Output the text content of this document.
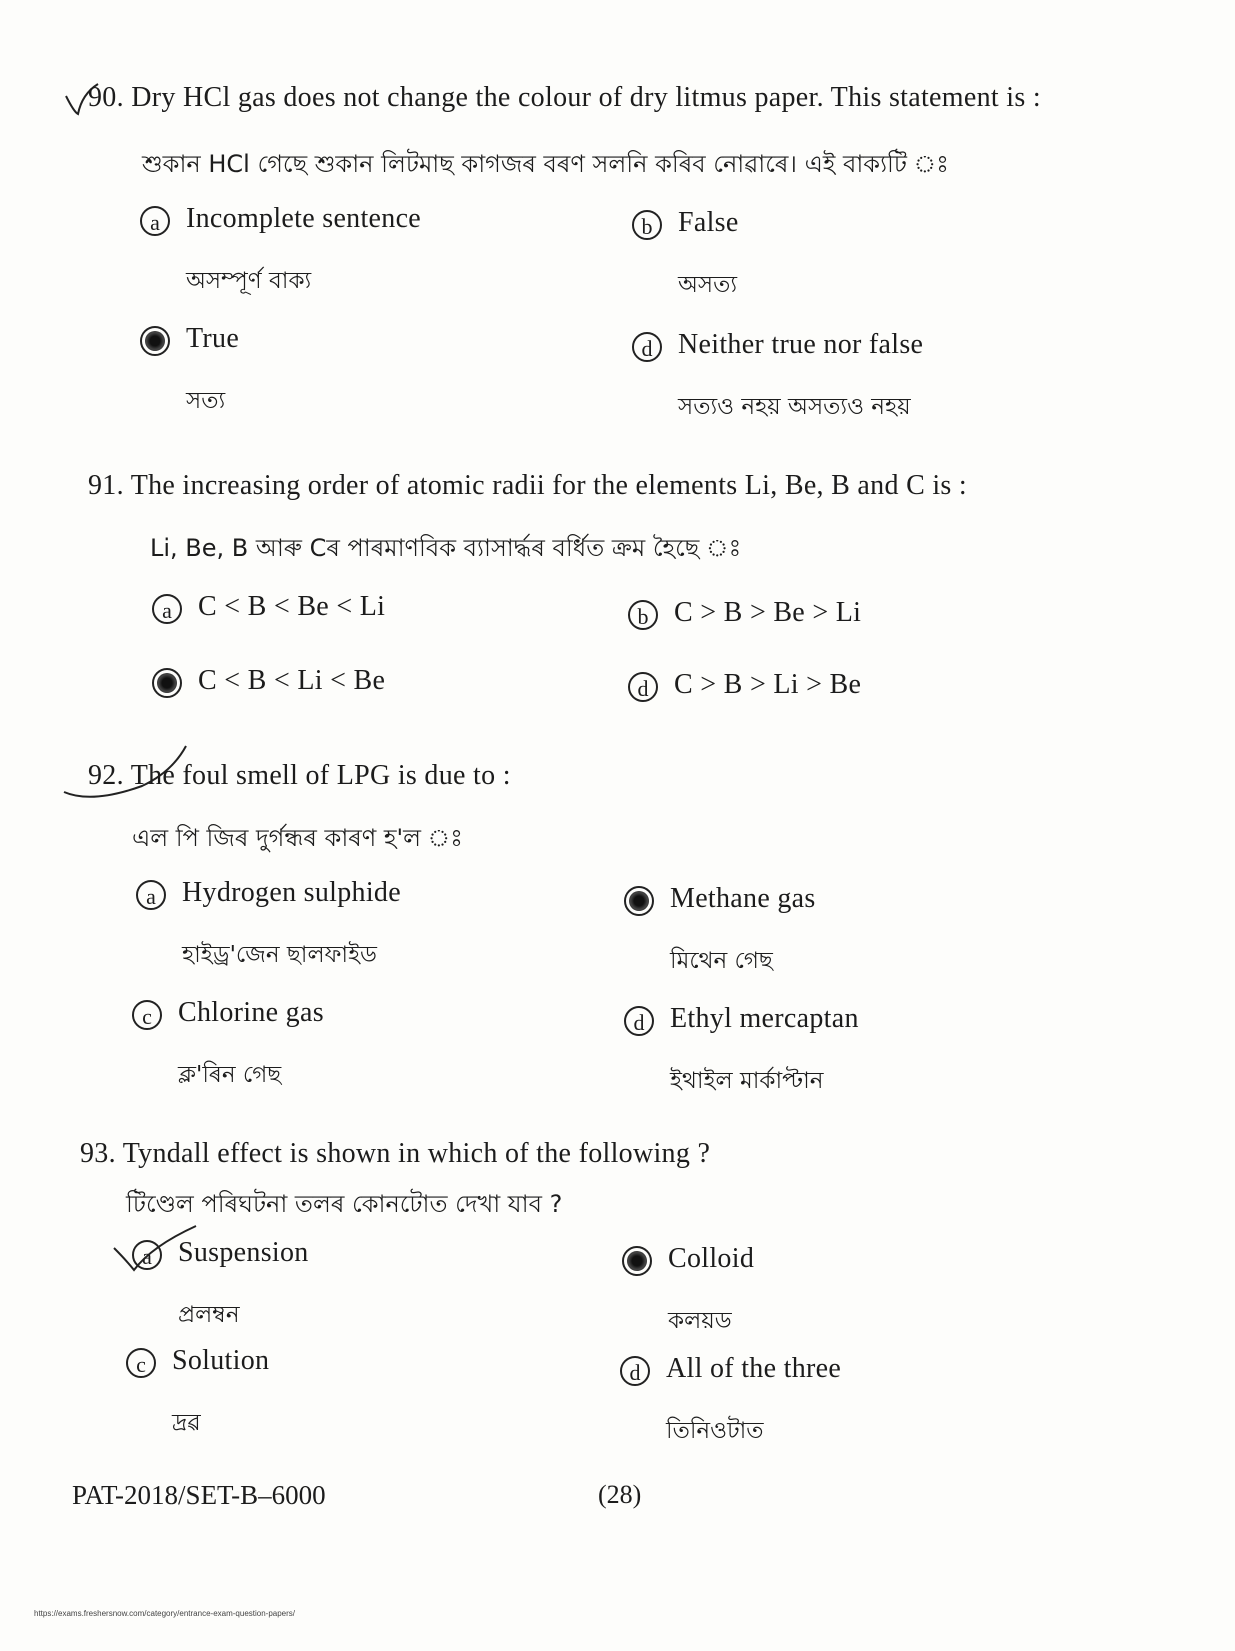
90. Dry HCl gas does not change the colour of dry litmus paper. This statement is :
শুকান HCl গেছে শুকান লিটমাছ কাগজৰ বৰণ সলনি কৰিব নোৱাৰে। এই বাক্যটি ঃ
a Incomplete sentence
অসম্পূৰ্ণ বাক্য
b False
অসত্য
True
সত্য
d Neither true nor false
সত্যও নহয় অসত্যও নহয়
91. The increasing order of atomic radii for the elements Li, Be, B and C is :
Li, Be, B আৰু Cৰ পাৰমাণবিক ব্যাসাৰ্দ্ধৰ বৰ্ধিত ক্ৰম হৈছে ঃ
a C < B < Be < Li	b C > B > Be > Li
C < B < Li < Be	d C > B > Li > Be
92. The foul smell of LPG is due to :
এল পি জিৰ দুৰ্গন্ধৰ কাৰণ হ'ল ঃ
a Hydrogen sulphide
হাইড্ৰ'জেন ছালফাইড
Methane gas
মিথেন গেছ
c Chlorine gas
ক্ল'ৰিন গেছ
d Ethyl mercaptan
ইথাইল মাৰ্কাপ্টান
93. Tyndall effect is shown in which of the following ?
টিণ্ডেল পৰিঘটনা তলৰ কোনটোত দেখা যাব ?
a Suspension
প্ৰলম্বন
Colloid
কলয়ড
c Solution
দ্ৰৱ
d All of the three
তিনিওটাত
PAT-2018/SET-B–6000	(28)
https://exams.freshersnow.com/category/entrance-exam-question-papers/
